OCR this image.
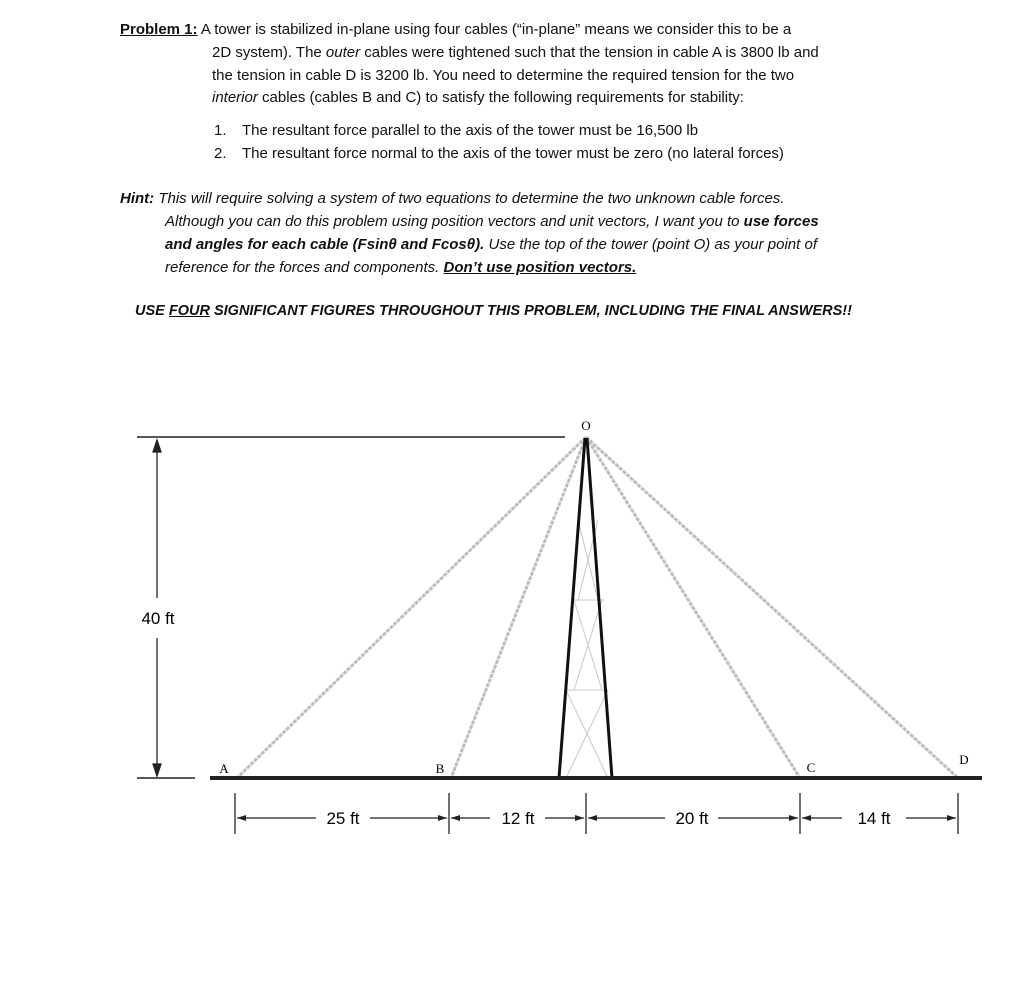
Problem 1: A tower is stabilized in-plane using four cables (“in-plane” means we consider this to be a
2D system). The outer cables were tightened such that the tension in cable A is 3800 lb and
the tension in cable D is 3200 lb. You need to determine the required tension for the two
interior cables (cables B and C) to satisfy the following requirements for stability:
1. The resultant force parallel to the axis of the tower must be 16,500 lb
2. The resultant force normal to the axis of the tower must be zero (no lateral forces)
Hint: This will require solving a system of two equations to determine the two unknown cable forces.
Although you can do this problem using position vectors and unit vectors, I want you to use forces
and angles for each cable (Fsinθ and Fcosθ). Use the top of the tower (point O) as your point of
reference for the forces and components. Don’t use position vectors.
USE FOUR SIGNIFICANT FIGURES THROUGHOUT THIS PROBLEM, INCLUDING THE FINAL ANSWERS!!
O
A	B	C
D
40 ft
25 ft	12 ft	20 ft	14 ft
